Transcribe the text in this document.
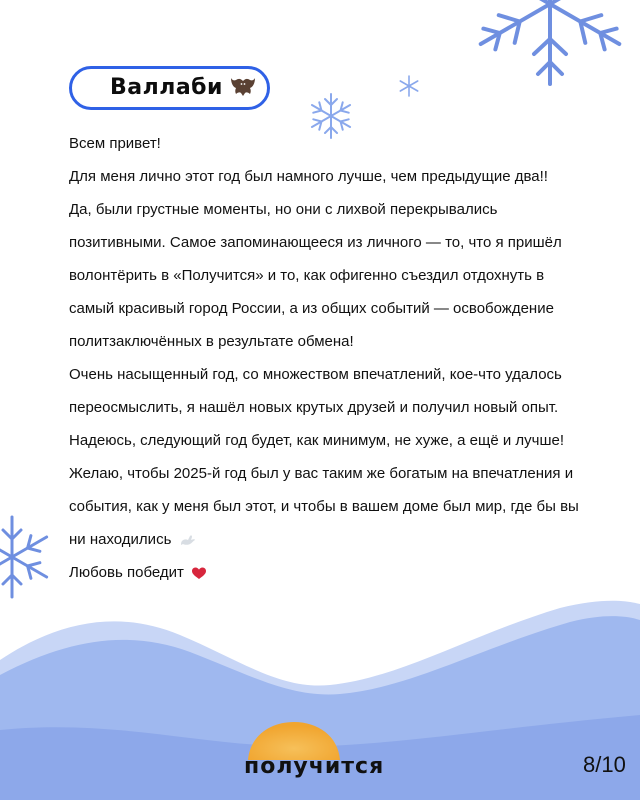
Валлаби
Всем привет!
Для меня лично этот год был намного лучше, чем предыдущие два!!
Да, были грустные моменты, но они с лихвой перекрывались
позитивными. Самое запоминающееся из личного — то, что я пришёл
волонтёрить в «Получится» и то, как офигенно съездил отдохнуть в
самый красивый город России, а из общих событий — освобождение
политзаключённых в результате обмена!
Очень насыщенный год, со множеством впечатлений, кое-что удалось
переосмыслить, я нашёл новых крутых друзей и получил новый опыт.
Надеюсь, следующий год будет, как минимум, не хуже, а ещё и лучше!
Желаю, чтобы 2025-й год был у вас таким же богатым на впечатления и
события, как у меня был этот, и чтобы в вашем доме был мир, где бы вы
ни находились
Любовь победит
получится	8/10
